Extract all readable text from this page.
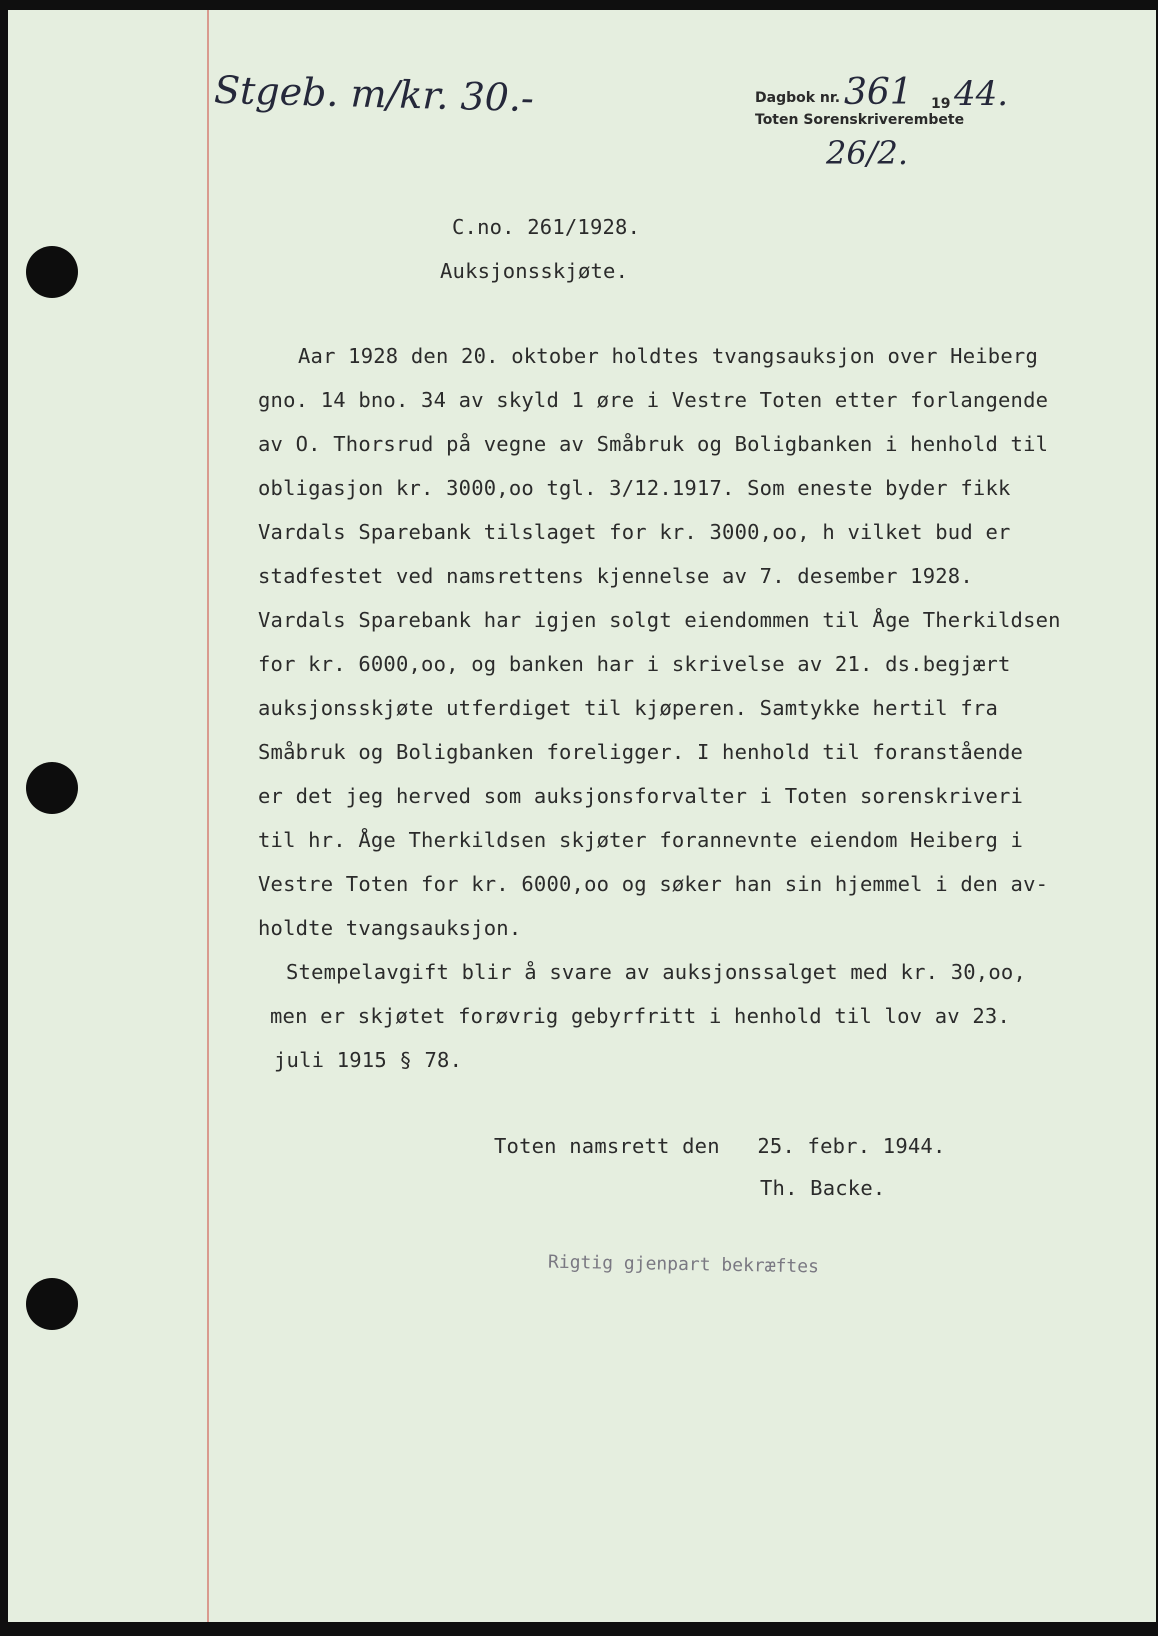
Stgeb. m/kr. 30.-	Dagbok nr. 361 19 44.
Toten Sorenskriverembete
26/2.
C.no. 261/1928.
Auksjonsskjøte.
Aar 1928 den 20. oktober holdtes tvangsauksjon over Heiberg
gno. 14 bno. 34 av skyld 1 øre i Vestre Toten etter forlangende
av O. Thorsrud på vegne av Småbruk og Boligbanken i henhold til
obligasjon kr. 3000,oo tgl. 3/12.1917. Som eneste byder fikk
Vardals Sparebank tilslaget for kr. 3000,oo, h vilket bud er
stadfestet ved namsrettens kjennelse av 7. desember 1928.
Vardals Sparebank har igjen solgt eiendommen til Åge Therkildsen
for kr. 6000,oo, og banken har i skrivelse av 21. ds.begjært
auksjonsskjøte utferdiget til kjøperen. Samtykke hertil fra
Småbruk og Boligbanken foreligger. I henhold til foranstående
er det jeg herved som auksjonsforvalter i Toten sorenskriveri
til hr. Åge Therkildsen skjøter forannevnte eiendom Heiberg i
Vestre Toten for kr. 6000,oo og søker han sin hjemmel i den av-
holdte tvangsauksjon.
Stempelavgift blir å svare av auksjonssalget med kr. 30,oo,
men er skjøtet forøvrig gebyrfritt i henhold til lov av 23.
juli 1915 § 78.
Toten namsrett den   25. febr. 1944.
Th. Backe.
Rigtig gjenpart bekræftes
